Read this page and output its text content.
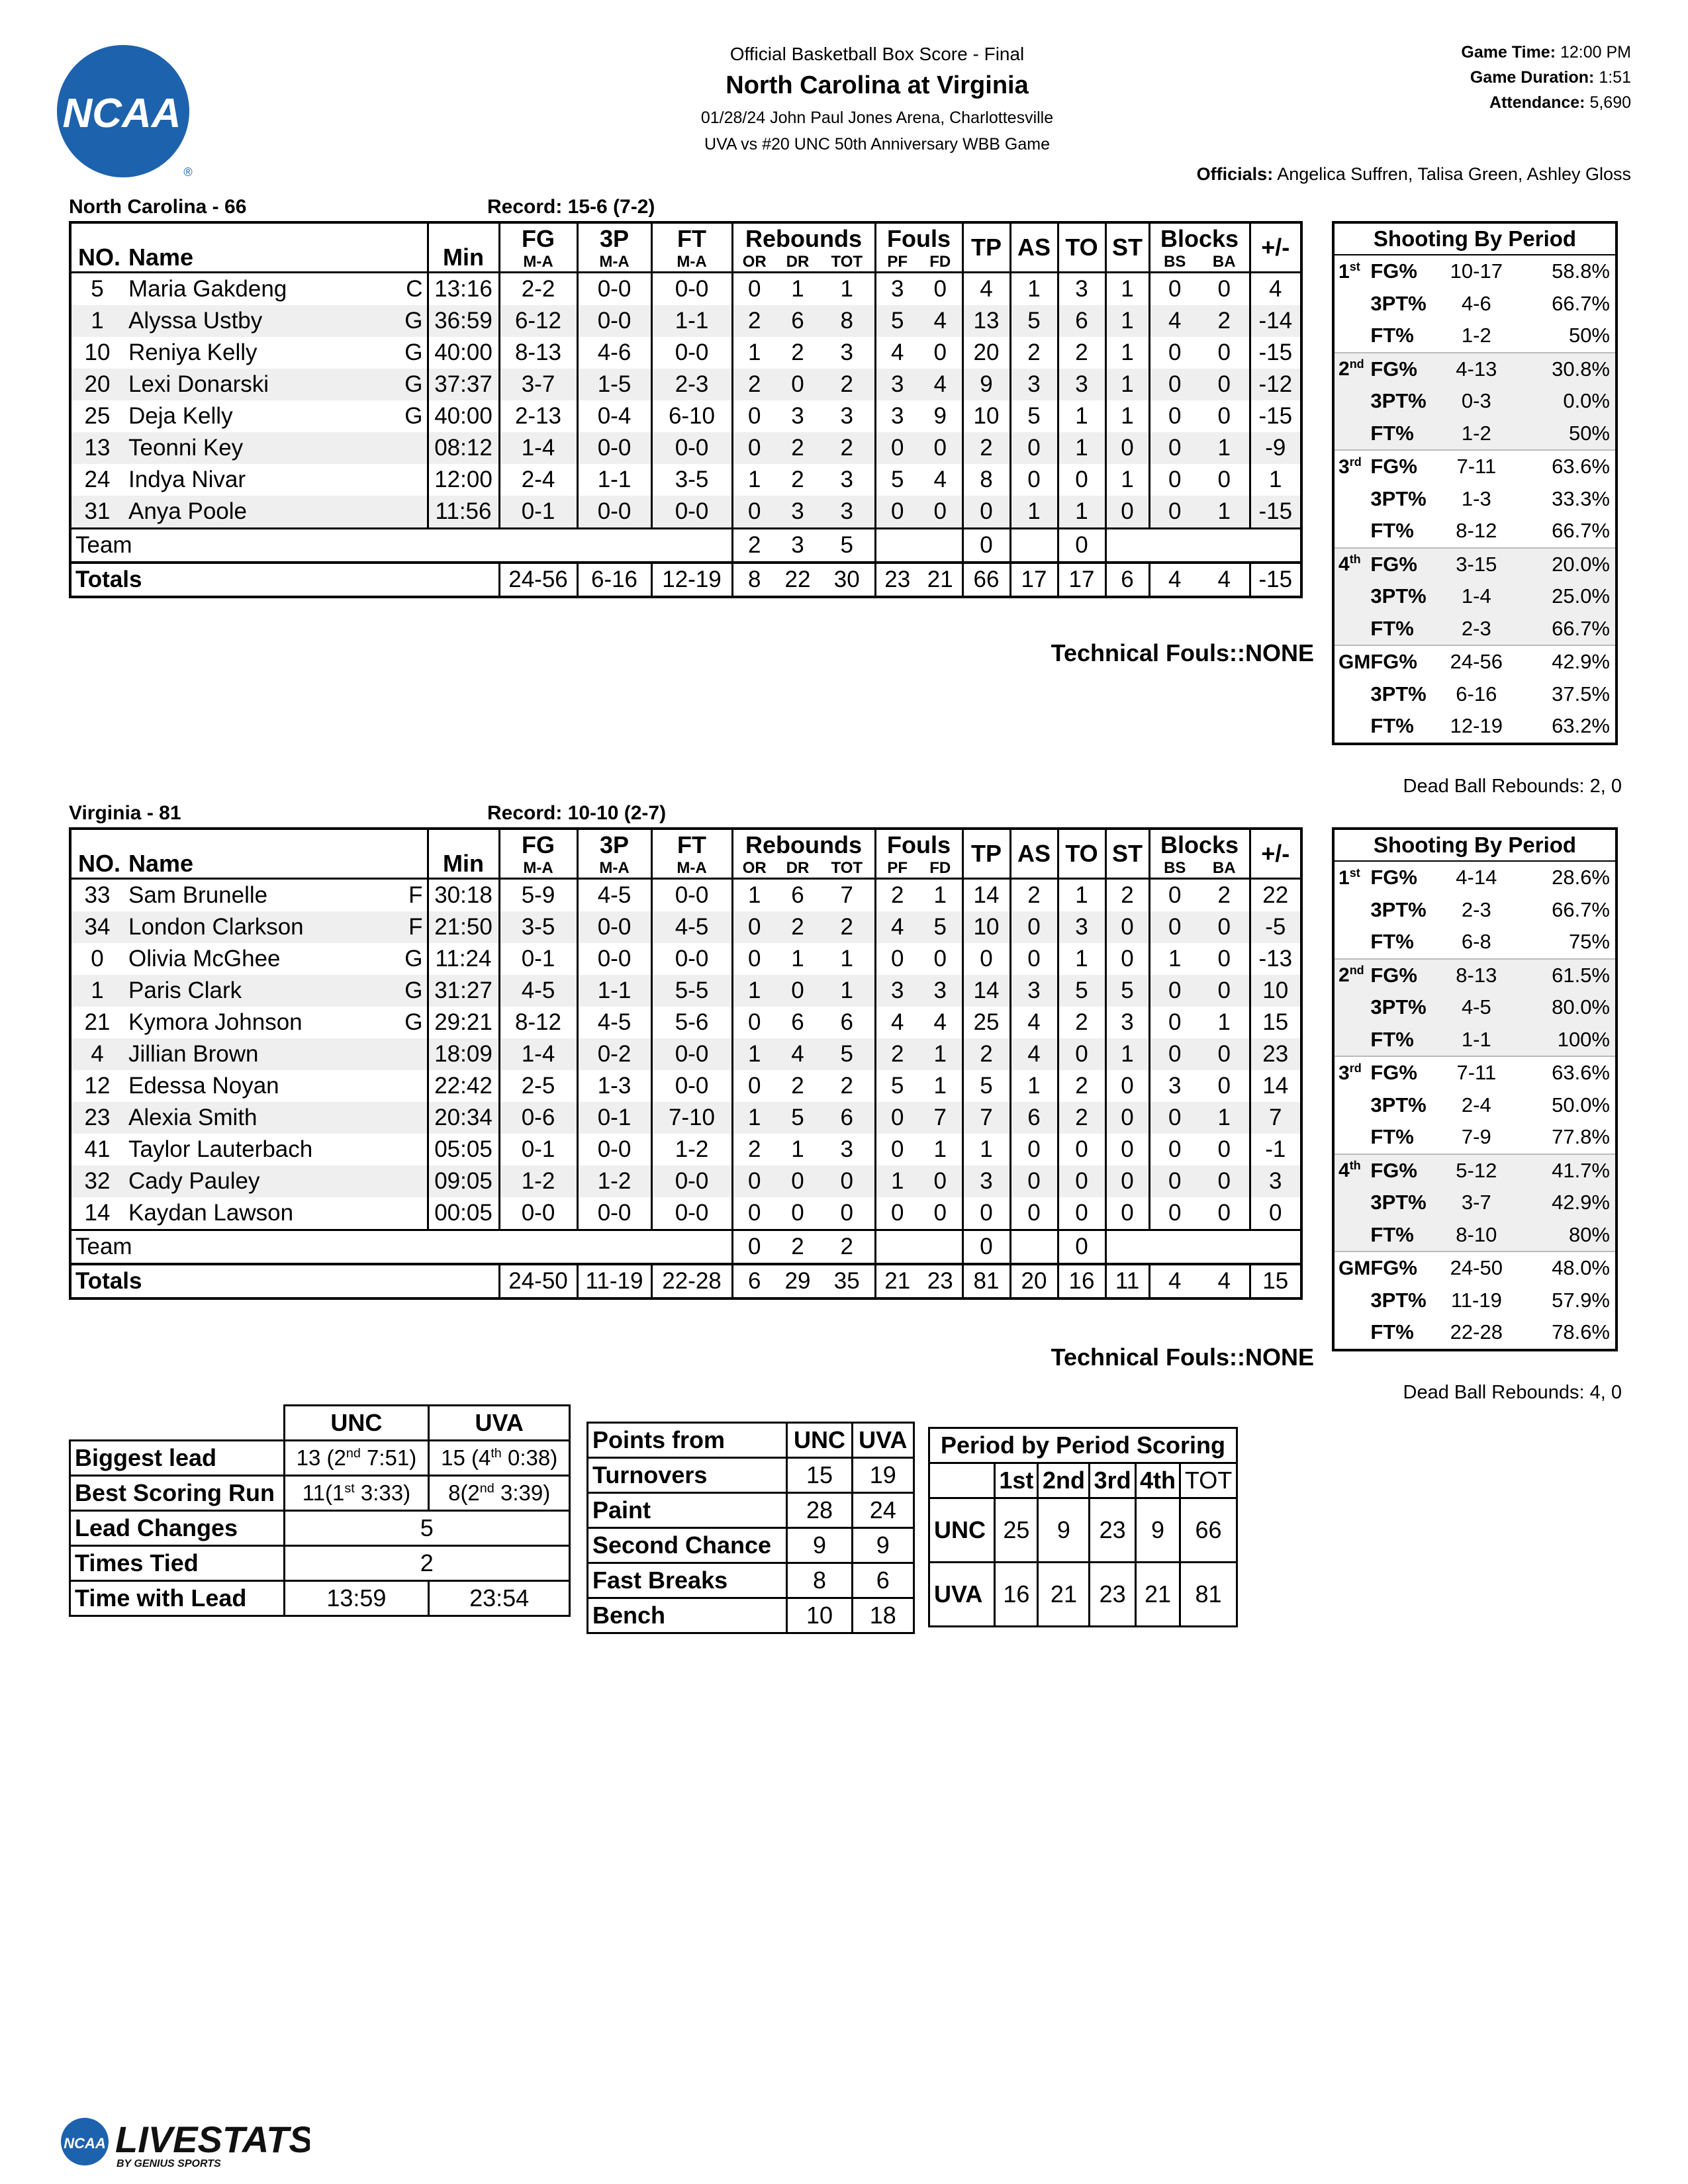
NCAA
®
Official Basketball Box Score - Final
North Carolina at Virginia
01/28/24 John Paul Jones Arena, Charlottesville
UVA vs #20 UNC 50th Anniversary WBB Game
Game Time: 12:00 PM
Game Duration: 1:51
Attendance: 5,690
Officials: Angelica Suffren, Talisa Green, Ashley Gloss
North Carolina - 66	Record: 15-6 (7-2)
NO.	Name	Min	FG	3P	FT	Rebounds			Fouls		TP	AS	TO	ST	Blocks		+/-
			M-A	M-A	M-A	OR	DR	TOT	PF	FD					BS	BA	
5	Maria Gakdeng C	13:16	2-2	0-0	0-0	0	1	1	3	0	4	1	3	1	0	0	4
1	Alyssa Ustby G	36:59	6-12	0-0	1-1	2	6	8	5	4	13	5	6	1	4	2	-14
10	Reniya Kelly G	40:00	8-13	4-6	0-0	1	2	3	4	0	20	2	2	1	0	0	-15
20	Lexi Donarski G	37:37	3-7	1-5	2-3	2	0	2	3	4	9	3	3	1	0	0	-12
25	Deja Kelly G	40:00	2-13	0-4	6-10	0	3	3	3	9	10	5	1	1	0	0	-15
13	Teonni Key	08:12	1-4	0-0	0-0	0	2	2	0	0	2	0	1	0	0	1	-9
24	Indya Nivar	12:00	2-4	1-1	3-5	1	2	3	5	4	8	0	0	1	0	0	1
31	Anya Poole	11:56	0-1	0-0	0-0	0	3	3	0	0	0	1	1	0	0	1	-15
Team						2	3	5			0		0				
Totals			24-56	6-16	12-19	8	22	30	23	21	66	17	17	6	4	4	-15
Technical Fouls::NONE
Shooting By Period			
1st	FG%	10-17	58.8%
	3PT%	4-6	66.7%
	FT%	1-2	50%
2nd	FG%	4-13	30.8%
	3PT%	0-3	0.0%
	FT%	1-2	50%
3rd	FG%	7-11	63.6%
	3PT%	1-3	33.3%
	FT%	8-12	66.7%
4th	FG%	3-15	20.0%
	3PT%	1-4	25.0%
	FT%	2-3	66.7%
GM	FG%	24-56	42.9%
	3PT%	6-16	37.5%
	FT%	12-19	63.2%
Dead Ball Rebounds: 2, 0
Virginia - 81	Record: 10-10 (2-7)
NO.	Name	Min	FG	3P	FT	Rebounds			Fouls		TP	AS	TO	ST	Blocks		+/-
			M-A	M-A	M-A	OR	DR	TOT	PF	FD					BS	BA	
33	Sam Brunelle F	30:18	5-9	4-5	0-0	1	6	7	2	1	14	2	1	2	0	2	22
34	London Clarkson F	21:50	3-5	0-0	4-5	0	2	2	4	5	10	0	3	0	0	0	-5
0	Olivia McGhee G	11:24	0-1	0-0	0-0	0	1	1	0	0	0	0	1	0	1	0	-13
1	Paris Clark G	31:27	4-5	1-1	5-5	1	0	1	3	3	14	3	5	5	0	0	10
21	Kymora Johnson G	29:21	8-12	4-5	5-6	0	6	6	4	4	25	4	2	3	0	1	15
4	Jillian Brown	18:09	1-4	0-2	0-0	1	4	5	2	1	2	4	0	1	0	0	23
12	Edessa Noyan	22:42	2-5	1-3	0-0	0	2	2	5	1	5	1	2	0	3	0	14
23	Alexia Smith	20:34	0-6	0-1	7-10	1	5	6	0	7	7	6	2	0	0	1	7
41	Taylor Lauterbach	05:05	0-1	0-0	1-2	2	1	3	0	1	1	0	0	0	0	0	-1
32	Cady Pauley	09:05	1-2	1-2	0-0	0	0	0	1	0	3	0	0	0	0	0	3
14	Kaydan Lawson	00:05	0-0	0-0	0-0	0	0	0	0	0	0	0	0	0	0	0	0
Team						0	2	2			0		0				
Totals			24-50	11-19	22-28	6	29	35	21	23	81	20	16	11	4	4	15
Technical Fouls::NONE
Shooting By Period			
1st	FG%	4-14	28.6%
	3PT%	2-3	66.7%
	FT%	6-8	75%
2nd	FG%	8-13	61.5%
	3PT%	4-5	80.0%
	FT%	1-1	100%
3rd	FG%	7-11	63.6%
	3PT%	2-4	50.0%
	FT%	7-9	77.8%
4th	FG%	5-12	41.7%
	3PT%	3-7	42.9%
	FT%	8-10	80%
GM	FG%	24-50	48.0%
	3PT%	11-19	57.9%
	FT%	22-28	78.6%
Dead Ball Rebounds: 4, 0
	UNC	UVA
Biggest lead	13 (2nd 7:51)	15 (4th 0:38)
Best Scoring Run	11(1st 3:33)	8(2nd 3:39)
Lead Changes	5	
Times Tied	2	
Time with Lead	13:59	23:54
Points from	UNC	UVA
Turnovers	15	19
Paint	28	24
Second Chance	9	9
Fast Breaks	8	6
Bench	10	18
Period by Period Scoring					
	1st	2nd	3rd	4th	TOT
UNC	25	9	23	9	66
UVA	16	21	23	21	81
NCAA LIVESTATS
BY GENIUS SPORTS
